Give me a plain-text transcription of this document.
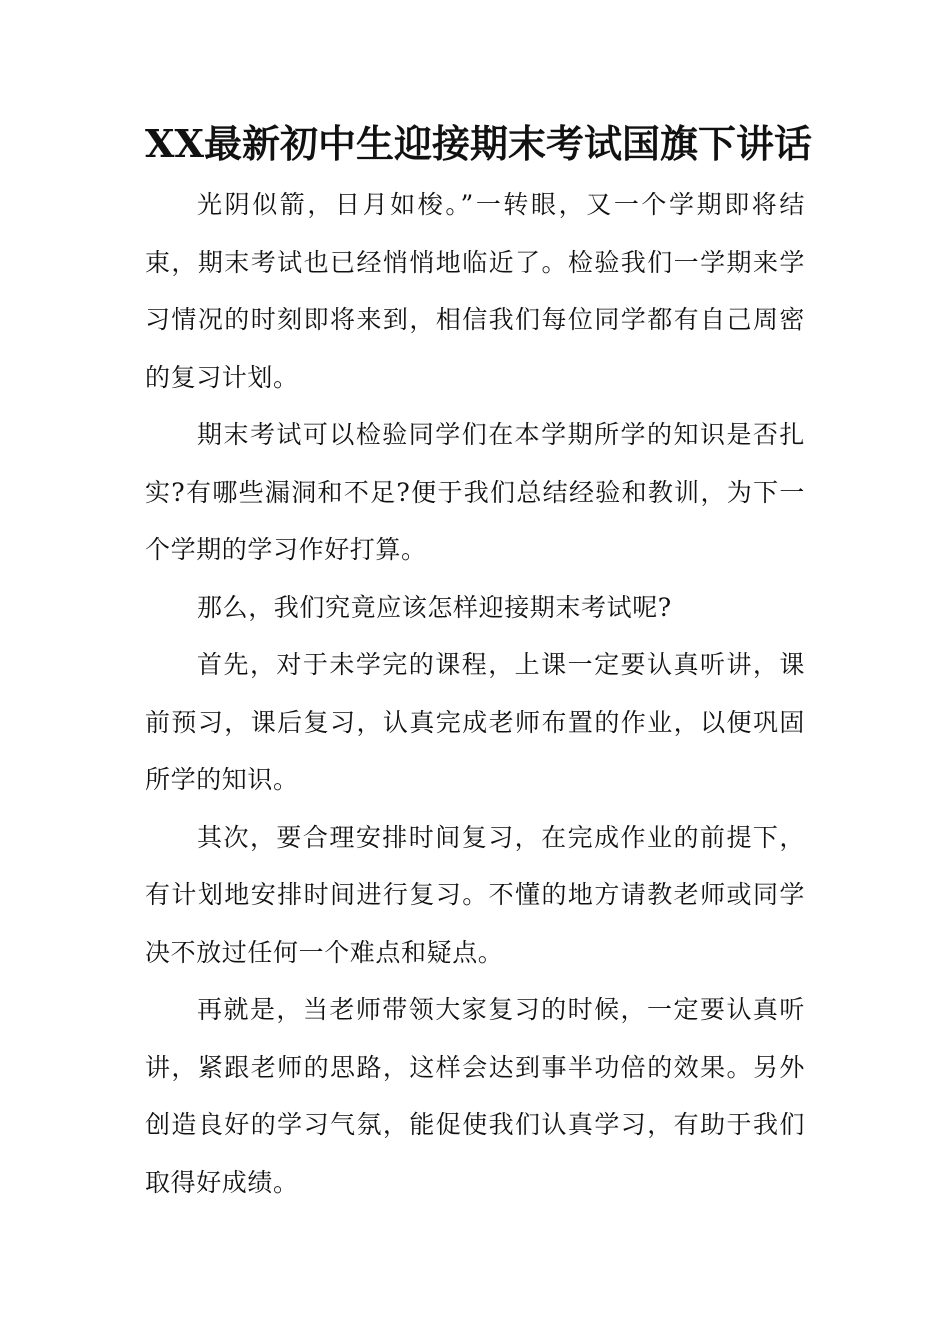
XX最新初中生迎接期末考试国旗下讲话

光阴似箭，日月如梭。”一转眼，又一个学期即将结束，期末考试也已经悄悄地临近了。检验我们一学期来学习情况的时刻即将来到，相信我们每位同学都有自己周密的复习计划。

期末考试可以检验同学们在本学期所学的知识是否扎实?有哪些漏洞和不足?便于我们总结经验和教训，为下一个学期的学习作好打算。

那么，我们究竟应该怎样迎接期末考试呢?

首先，对于未学完的课程，上课一定要认真听讲，课前预习，课后复习，认真完成老师布置的作业，以便巩固所学的知识。

其次，要合理安排时间复习，在完成作业的前提下，有计划地安排时间进行复习。不懂的地方请教老师或同学决不放过任何一个难点和疑点。

再就是，当老师带领大家复习的时候，一定要认真听讲，紧跟老师的思路，这样会达到事半功倍的效果。另外创造良好的学习气氛，能促使我们认真学习，有助于我们取得好成绩。
